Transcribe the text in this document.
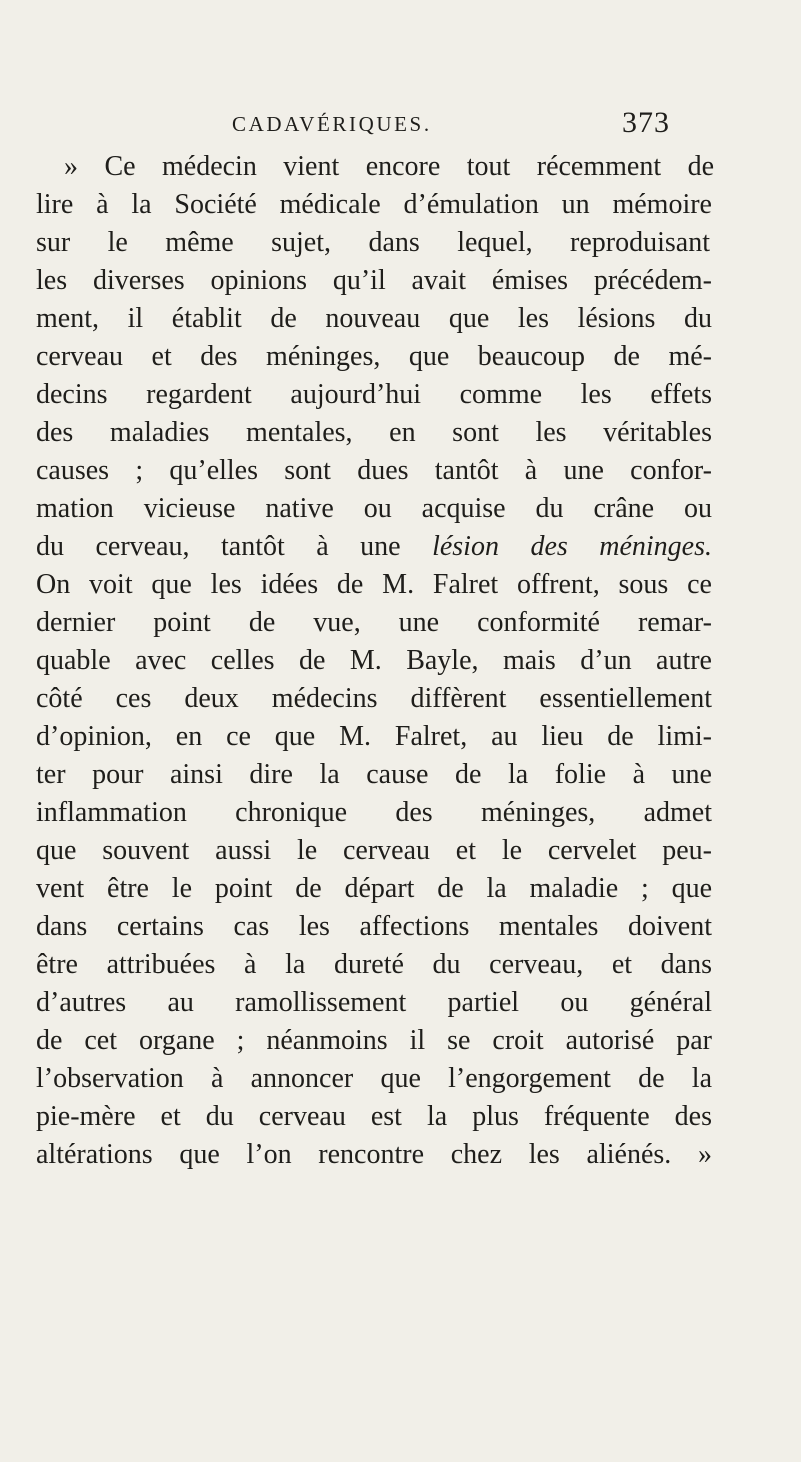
CADAVÉRIQUES.	373
» Ce médecin vient encore tout récemment de
lire à la Société médicale d’émulation un mémoire
sur le même sujet, dans lequel, reproduisant
les diverses opinions qu’il avait émises précédem-
ment, il établit de nouveau que les lésions du
cerveau et des méninges, que beaucoup de mé-
decins regardent aujourd’hui comme les effets
des maladies mentales, en sont les véritables
causes ; qu’elles sont dues tantôt à une confor-
mation vicieuse native ou acquise du crâne ou
du cerveau, tantôt à une lésion des méninges.
On voit que les idées de M. Falret offrent, sous ce
dernier point de vue, une conformité remar-
quable avec celles de M. Bayle, mais d’un autre
côté ces deux médecins diffèrent essentiellement
d’opinion, en ce que M. Falret, au lieu de limi-
ter pour ainsi dire la cause de la folie à une
inflammation chronique des méninges, admet
que souvent aussi le cerveau et le cervelet peu-
vent être le point de départ de la maladie ; que
dans certains cas les affections mentales doivent
être attribuées à la dureté du cerveau, et dans
d’autres au ramollissement partiel ou général
de cet organe ; néanmoins il se croit autorisé par
l’observation à annoncer que l’engorgement de la
pie-mère et du cerveau est la plus fréquente des
altérations que l’on rencontre chez les aliénés. »
